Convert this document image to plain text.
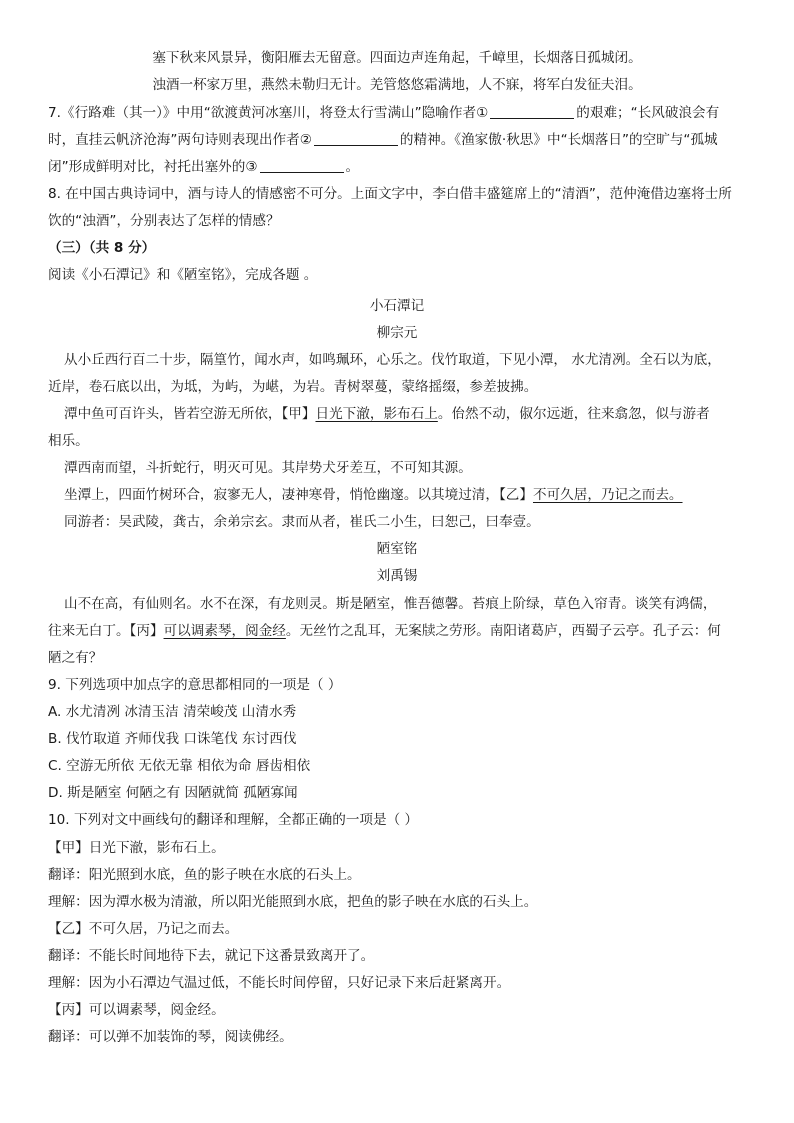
塞下秋来风景异，衡阳雁去无留意。四面边声连角起，千嶂里，长烟落日孤城闭。
浊酒一杯家万里，燕然未勒归无计。羌管悠悠霜满地，人不寐，将军白发征夫泪。
7.《行路难（其一）》中用“欲渡黄河冰塞川，将登太行雪满山”隐喻作者①	的艰难；“长风破浪会有
时，直挂云帆济沧海”两句诗则表现出作者②	的精神。《渔家傲·秋思》中“长烟落日”的空旷与“孤城
闭”形成鲜明对比，衬托出塞外的③	。
8. 在中国古典诗词中，酒与诗人的情感密不可分。上面文字中，李白借丰盛筵席上的“清酒”，范仲淹借边塞将士所
饮的“浊酒”，分别表达了怎样的情感？
（三）（共 8 分）
阅读《小石潭记》和《陋室铭》，完成各题 。
小石潭记
柳宗元
从小丘西行百二十步，隔篁竹，闻水声，如鸣珮环，心乐之。伐竹取道，下见小潭， 水尤清冽。全石以为底，
近岸，卷石底以出，为坻，为屿，为嵁，为岩。青树翠蔓，蒙络摇缀，参差披拂。
潭中鱼可百许头，皆若空游无所依，【甲】日光下澈，影布石上。佁然不动，俶尔远逝，往来翕忽，似与游者
相乐。
潭西南而望，斗折蛇行，明灭可见。其岸势犬牙差互，不可知其源。
坐潭上，四面竹树环合，寂寥无人，凄神寒骨，悄怆幽邃。以其境过清，【乙】不可久居，乃记之而去。
同游者：吴武陵，龚古，余弟宗玄。隶而从者，崔氏二小生，曰恕己，曰奉壹。
陋室铭
刘禹锡
山不在高，有仙则名。水不在深，有龙则灵。斯是陋室，惟吾德馨。苔痕上阶绿，草色入帘青。谈笑有鸿儒，
往来无白丁。【丙】可以调素琴，阅金经。无丝竹之乱耳，无案牍之劳形。南阳诸葛庐，西蜀子云亭。孔子云：何
陋之有？
9. 下列选项中加点字的意思都相同的一项是（ ）
A. 水尤清冽 冰清玉洁 清荣峻茂 山清水秀
B. 伐竹取道 齐师伐我 口诛笔伐 东讨西伐
C. 空游无所依 无依无靠 相依为命 唇齿相依
D. 斯是陋室 何陋之有 因陋就简 孤陋寡闻
10. 下列对文中画线句的翻译和理解，全都正确的一项是（ ）
【甲】日光下澈，影布石上。
翻译：阳光照到水底，鱼的影子映在水底的石头上。
理解：因为潭水极为清澈，所以阳光能照到水底，把鱼的影子映在水底的石头上。
【乙】不可久居，乃记之而去。
翻译：不能长时间地待下去，就记下这番景致离开了。
理解：因为小石潭边气温过低，不能长时间停留，只好记录下来后赶紧离开。
【丙】可以调素琴，阅金经。
翻译：可以弹不加装饰的琴，阅读佛经。
